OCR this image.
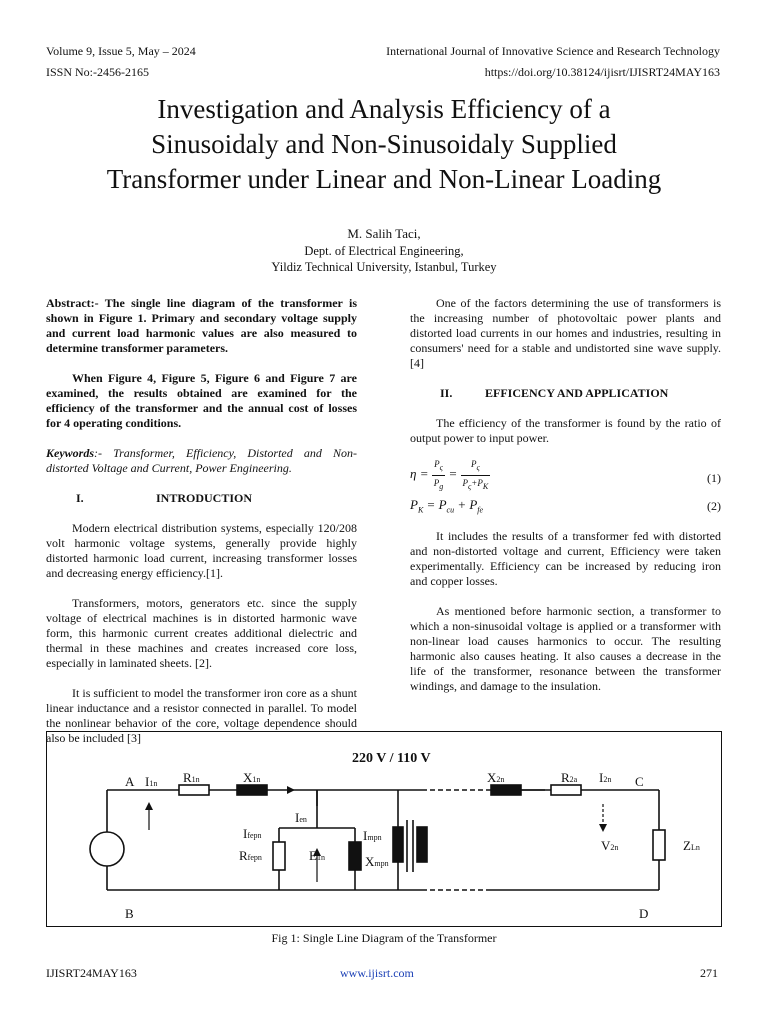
Volume 9, Issue 5, May – 2024	International Journal of Innovative Science and Research Technology
ISSN No:-2456-2165	https://doi.org/10.38124/ijisrt/IJISRT24MAY163
Investigation and Analysis Efficiency of a
Sinusoidaly and Non-Sinusoidaly Supplied
Transformer under Linear and Non-Linear Loading
M. Salih Taci,
Dept. of Electrical Engineering,
Yildiz Technical University, Istanbul, Turkey

Abstract:- The single line diagram of the transformer is shown in Figure 1. Primary and secondary voltage supply and current load harmonic values are also measured to determine transformer parameters.

When Figure 4, Figure 5, Figure 6 and Figure 7 are examined, the results obtained are examined for the efficiency of the transformer and the annual cost of losses for 4 operating conditions.

Keywords:- Transformer, Efficiency, Distorted and Non-distorted Voltage and Current, Power Engineering.

I.	INTRODUCTION

Modern electrical distribution systems, especially 120/208 volt harmonic voltage systems, generally provide highly distorted harmonic load current, increasing transformer losses and decreasing energy efficiency.[1].

Transformers, motors, generators etc. since the supply voltage of electrical machines is in distorted harmonic wave form, this harmonic current creates additional dielectric and thermal in these machines and creates increased core loss, especially in laminated sheets. [2].

It is sufficient to model the transformer iron core as a shunt linear inductance and a resistor connected in parallel. To model the nonlinear behavior of the core, voltage dependence should also be included [3]

One of the factors determining the use of transformers is the increasing number of photovoltaic power plants and distorted load currents in our homes and industries, resulting in consumers' need for a stable and undistorted sine wave supply. [4]

II.	EFFICENCY AND APPLICATION

The efficiency of the transformer is found by the ratio of output power to input power.

$\eta = \frac{P_\varsigma}{P_g} = \frac{P_\varsigma}{P_\varsigma+P_K}$	(1)
$P_K = P_{cu} + P_{fe}$	(2)

It includes the results of a transformer fed with distorted and non-distorted voltage and current, Efficiency were taken experimentally. Efficiency can be increased by reducing iron and copper losses.

As mentioned before harmonic section, a transformer to which a non-sinusoidal voltage is applied or a transformer with non-linear load causes harmonics to occur. The resulting harmonic also causes heating. It also causes a decrease in the life of the transformer, resonance between the transformer windings, and damage to the insulation.

220 V / 110 V
A I1n R1n	X1n
Ien
Ifepn
Rfepn	E1n
Impn
Xmpn
X2n	R2a I2n C
V2n	ZLn
B	D
Fig 1: Single Line Diagram of the Transformer
IJISRT24MAY163	www.ijisrt.com	271
